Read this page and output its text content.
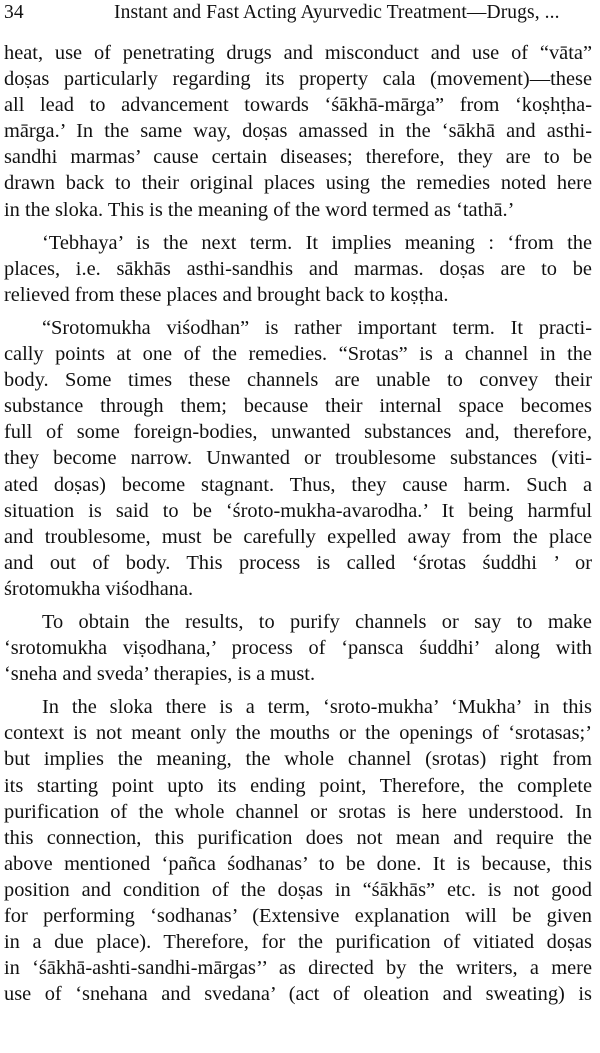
34	Instant and Fast Acting Ayurvedic Treatment—Drugs, ...
heat, use of penetrating drugs and misconduct and use of “vāta”
doṣas particularly regarding its property cala (movement)—these
all lead to advancement towards ‘śākhā-mārga” from ‘koṣhṭha-
mārga.’ In the same way, doṣas amassed in the ‘sākhā and asthi-
sandhi marmas’ cause certain diseases; therefore, they are to be
drawn back to their original places using the remedies noted here
in the sloka. This is the meaning of the word termed as ‘tathā.’
‘Tebhaya’ is the next term. It implies meaning : ‘from the
places, i.e. sākhās asthi-sandhis and marmas. doṣas are to be
relieved from these places and brought back to koṣṭha.
“Srotomukha viśodhan” is rather important term. It practi-
cally points at one of the remedies. “Srotas” is a channel in the
body. Some times these channels are unable to convey their
substance through them; because their internal space becomes
full of some foreign-bodies, unwanted substances and, therefore,
they become narrow. Unwanted or troublesome substances (viti-
ated doṣas) become stagnant. Thus, they cause harm. Such a
situation is said to be ‘śroto-mukha-avarodha.’ It being harmful
and troublesome, must be carefully expelled away from the place
and out of body. This process is called ‘śrotas śuddhi ’ or
śrotomukha viśodhana.
To obtain the results, to purify channels or say to make
‘srotomukha viṣodhana,’ process of ‘pansca śuddhi’ along with
‘sneha and sveda’ therapies, is a must.
In the sloka there is a term, ‘sroto-mukha’ ‘Mukha’ in this
context is not meant only the mouths or the openings of ‘srotasas;’
but implies the meaning, the whole channel (srotas) right from
its starting point upto its ending point, Therefore, the complete
purification of the whole channel or srotas is here understood. In
this connection, this purification does not mean and require the
above mentioned ‘pañca śodhanas’ to be done. It is because, this
position and condition of the doṣas in “śākhās” etc. is not good
for performing ‘sodhanas’ (Extensive explanation will be given
in a due place). Therefore, for the purification of vitiated doṣas
in ‘śākhā-ashti-sandhi-mārgas’’ as directed by the writers, a mere
use of ‘snehana and svedana’ (act of oleation and sweating) is
